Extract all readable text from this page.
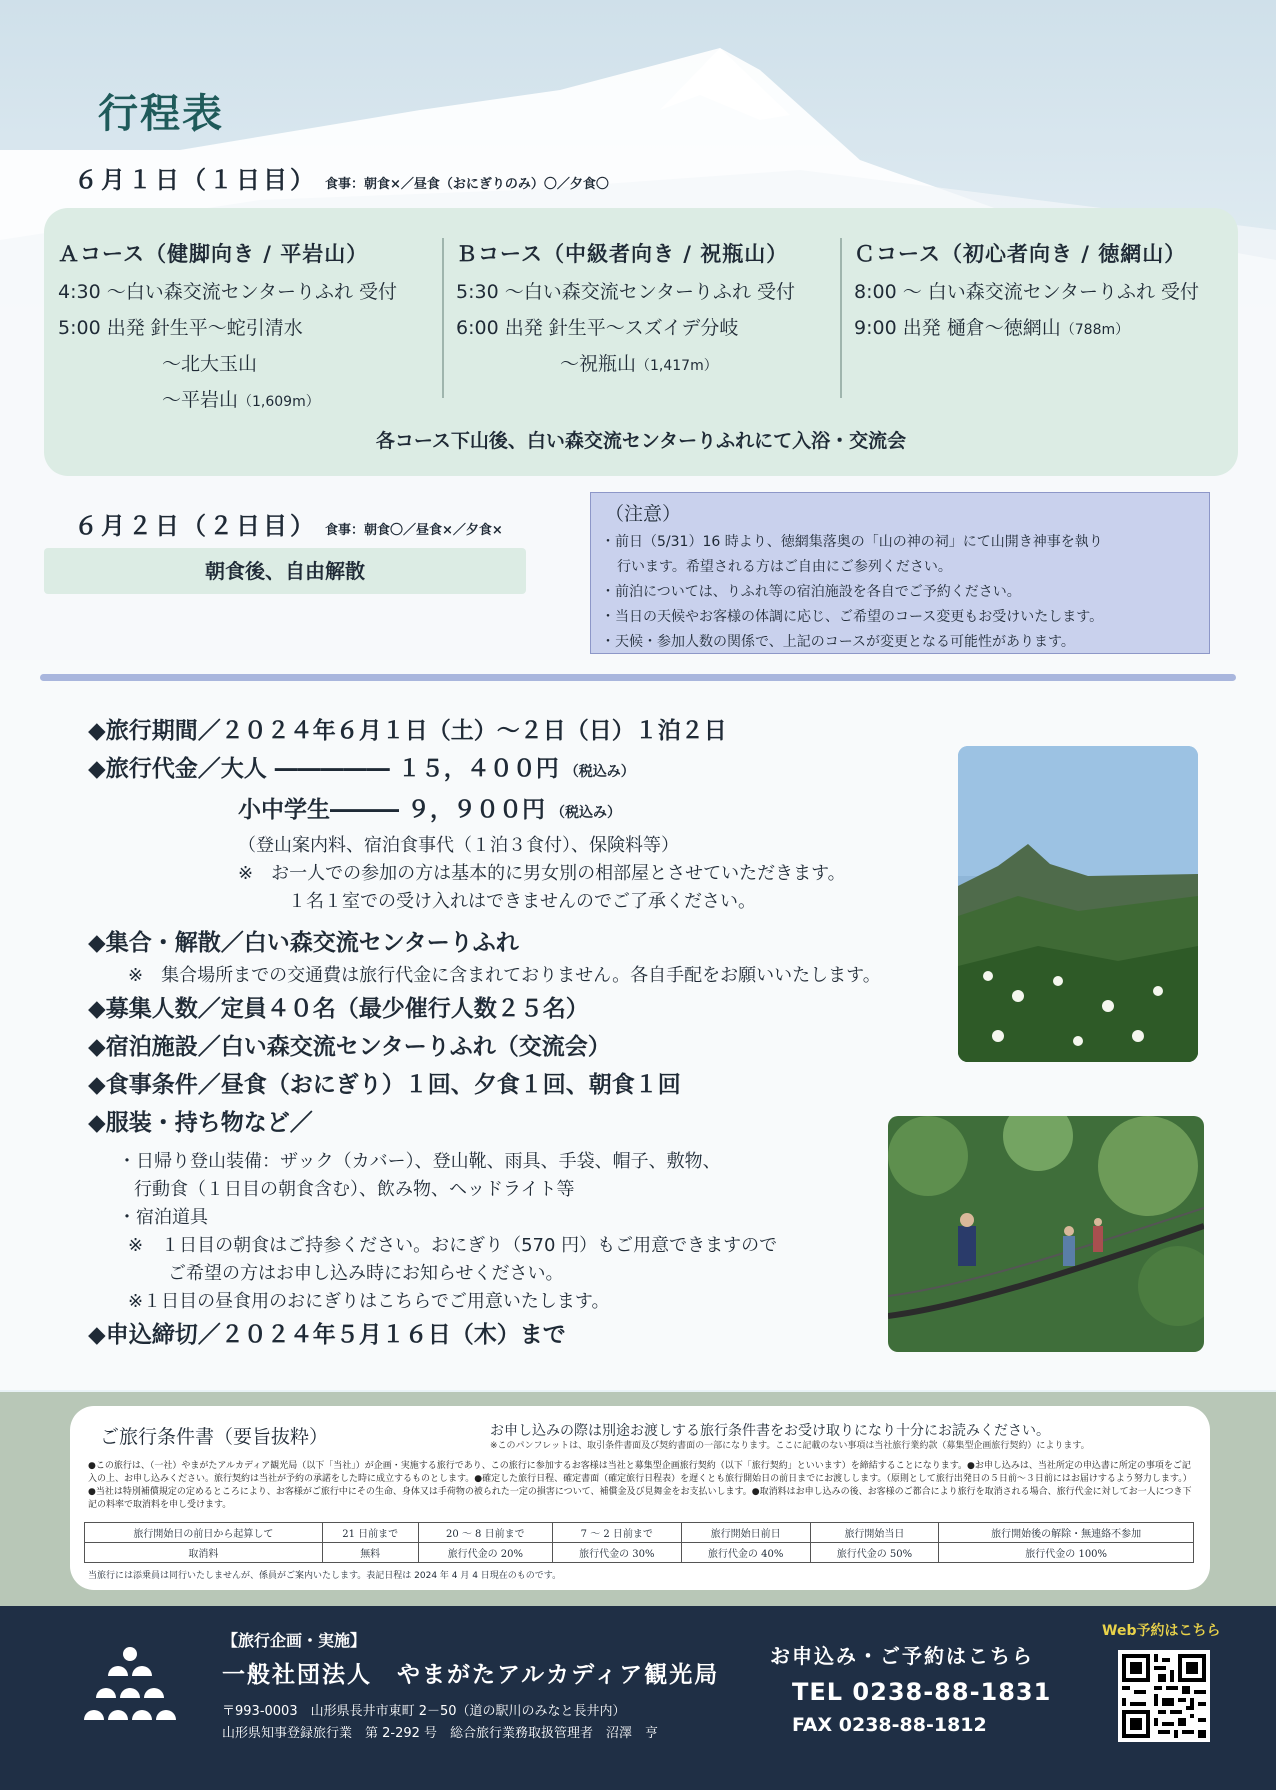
行程表
６月１日（１日目） 食事：朝食×／昼食（おにぎりのみ）〇／夕食〇
Ａコース（健脚向き / 平岩山）
4:30 ～白い森交流センターりふれ 受付
5:00 出発 針生平～蛇引清水
～北大玉山
～平岩山（1,609m）
Ｂコース（中級者向き / 祝瓶山）
5:30 ～白い森交流センターりふれ 受付
6:00 出発 針生平～スズイデ分岐
～祝瓶山（1,417m）
Ｃコース（初心者向き / 徳網山）
8:00 ～ 白い森交流センターりふれ 受付
9:00 出発 樋倉～徳網山（788m）
各コース下山後、白い森交流センターりふれにて入浴・交流会
６月２日（２日目） 食事：朝食〇／昼食×／夕食×
朝食後、自由解散
（注意）

・前日（5/31）16 時より、徳網集落奥の「山の神の祠」にて山開き神事を執り

行います。希望される方はご自由にご参列ください。

・前泊については、りふれ等の宿泊施設を各自でご予約ください。

・当日の天候やお客様の体調に応じ、ご希望のコース変更もお受けいたします。

・天候・参加人数の関係で、上記のコースが変更となる可能性があります。

◆旅行期間／２０２４年６月１日（土）～２日（日）１泊２日
◆旅行代金／大人 ――――― １５，４００円 （税込み）
小中学生――― ９，９００円 （税込み）
（登山案内料、宿泊食事代（１泊３食付）、保険料等）
※　お一人での参加の方は基本的に男女別の相部屋とさせていただきます。
１名１室での受け入れはできませんのでご了承ください。
◆集合・解散／白い森交流センターりふれ
※　集合場所までの交通費は旅行代金に含まれておりません。各自手配をお願いいたします。
◆募集人数／定員４０名（最少催行人数２５名）
◆宿泊施設／白い森交流センターりふれ（交流会）
◆食事条件／昼食（おにぎり）１回、夕食１回、朝食１回
◆服装・持ち物など／
・日帰り登山装備：ザック（カバー）、登山靴、雨具、手袋、帽子、敷物、
行動食（１日目の朝食含む）、飲み物、ヘッドライト等
・宿泊道具
※　１日目の朝食はご持参ください。おにぎり（570 円）もご用意できますので
ご希望の方はお申し込み時にお知らせください。
※１日目の昼食用のおにぎりはこちらでご用意いたします。
◆申込締切／２０２４年５月１６日（木）まで
ご旅行条件書（要旨抜粋）	お申し込みの際は別途お渡しする旅行条件書をお受け取りになり十分にお読みください。
※このパンフレットは、取引条件書面及び契約書面の一部になります。ここに記載のない事項は当社旅行業約款（募集型企画旅行契約）によります。
●この旅行は、（一社）やまがたアルカディア観光局（以下「当社」）が企画・実施する旅行であり、この旅行に参加するお客様は当社と募集型企画旅行契約（以下「旅行契約」といいます）を締結することになります。●お申し込みは、当社所定の申込書に所定の事項をご記入の上、お申し込みください。旅行契約は当社が予約の承諾をした時に成立するものとします。●確定した旅行日程、確定書面（確定旅行日程表）を遅くとも旅行開始日の前日までにお渡しします。（原則として旅行出発日の５日前～３日前にはお届けするよう努力します。）●当社は特別補償規定の定めるところにより、お客様がご旅行中にその生命、身体又は手荷物の被られた一定の損害について、補償金及び見舞金をお支払いします。●取消料はお申し込みの後、お客様のご都合により旅行を取消される場合、旅行代金に対してお一人につき下記の料率で取消料を申し受けます。
旅行開始日の前日から起算して	21 日前まで	20 ～ 8 日前まで	7 ～ 2 日前まで	旅行開始日前日	旅行開始当日	旅行開始後の解除・無連絡不参加
取消料	無料	旅行代金の 20%	旅行代金の 30%	旅行代金の 40%	旅行代金の 50%	旅行代金の 100%
当旅行には添乗員は同行いたしませんが、係員がご案内いたします。表記日程は 2024 年 4 月 4 日現在のものです。
【旅行企画・実施】
一般社団法人　やまがたアルカディア観光局
〒993-0003　山形県長井市東町 2－50（道の駅川のみなと長井内）
山形県知事登録旅行業　第 2-292 号　総合旅行業務取扱管理者　沼澤　亨
お申込み・ご予約はこちら
TEL 0238-88-1831
FAX 0238-88-1812
Web予約はこちら
